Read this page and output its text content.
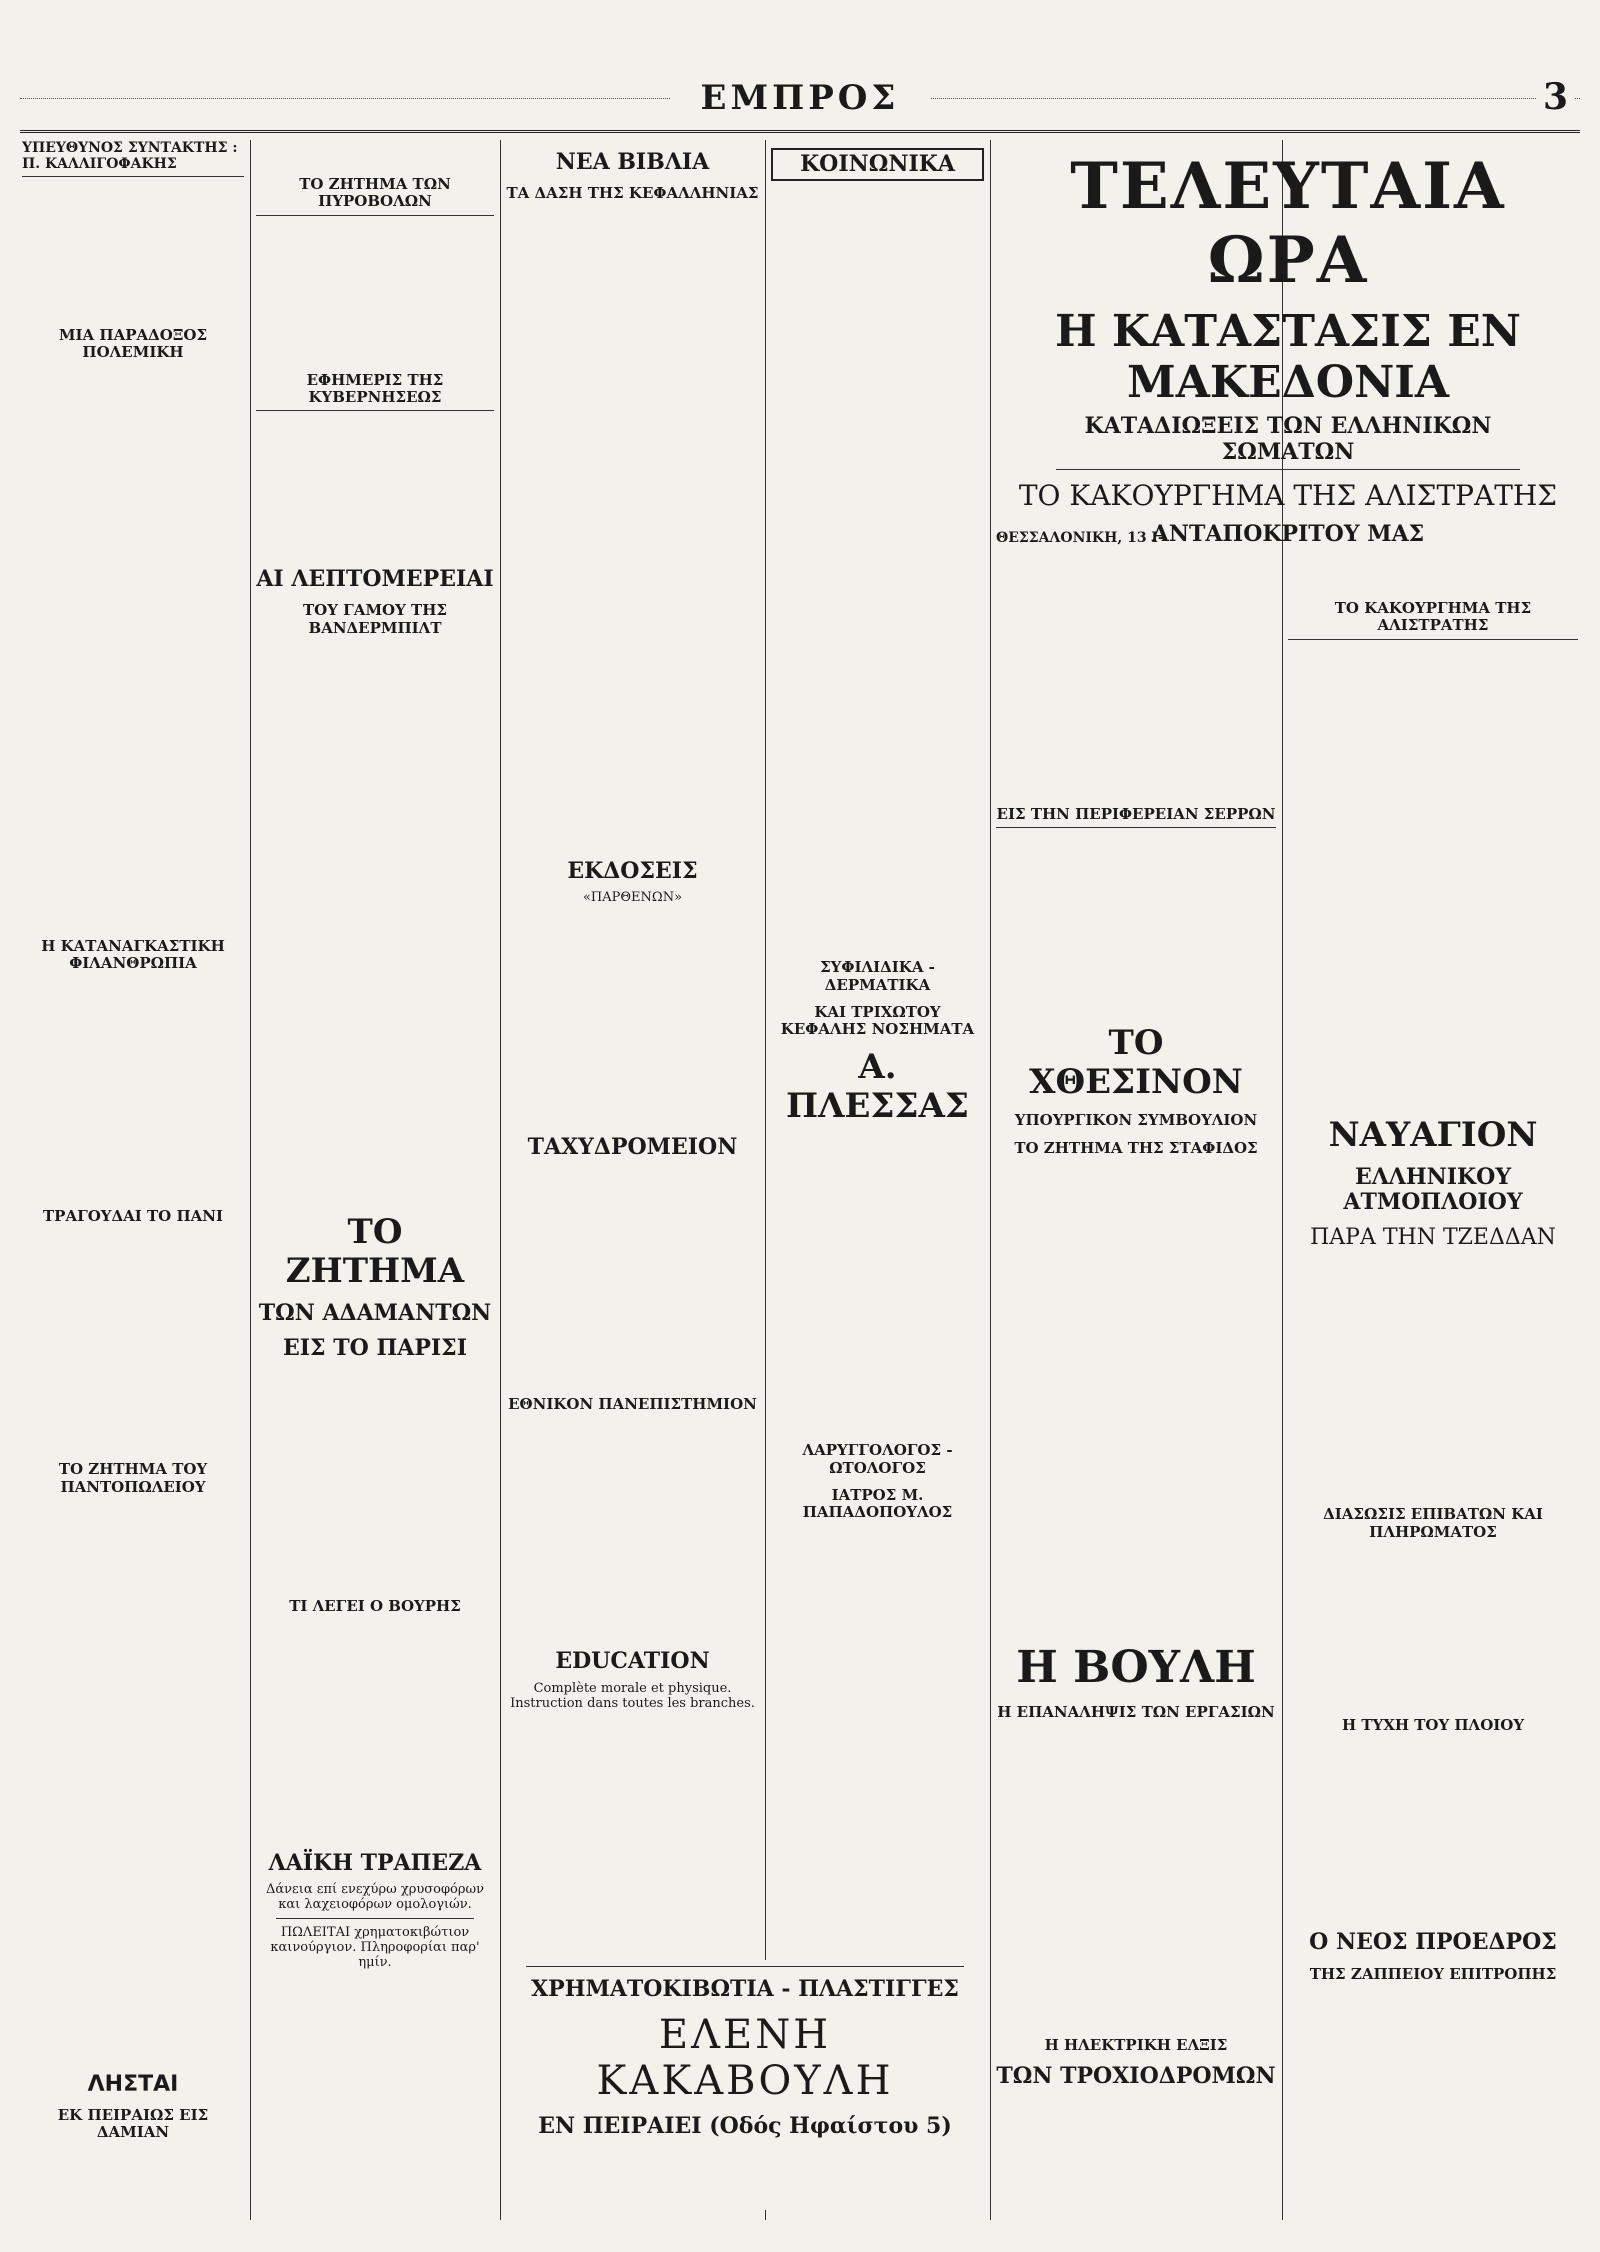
ΕΜΠΡΟΣ	3
ΥΠΕΥΘΥΝΟΣ ΣΥΝΤΑΚΤΗΣ : Π. ΚΑΛΛΙΓΟΦΑΚΗΣ
ΜΙΑ ΠΑΡΑΔΟΞΟΣ ΠΟΛΕΜΙΚΗ
Η ΚΑΤΑΝΑΓΚΑΣΤΙΚΗ ΦΙΛΑΝΘΡΩΠΙΑ
ΤΡΑΓΟΥΔΑΙ ΤΟ ΠΑΝΙ
ΤΟ ΖΗΤΗΜΑ ΤΟΥ ΠΑΝΤΟΠΩΛΕΙΟΥ
ΛΗΣΤΑΙ
ΕΚ ΠΕΙΡΑΙΩΣ ΕΙΣ ΔΑΜΙΑΝ
ΤΟ ΖΗΤΗΜΑ ΤΩΝ ΠΥΡΟΒΟΛΩΝ
ΕΦΗΜΕΡΙΣ ΤΗΣ ΚΥΒΕΡΝΗΣΕΩΣ
ΑΙ ΛΕΠΤΟΜΕΡΕΙΑΙ
ΤΟΥ ΓΑΜΟΥ ΤΗΣ ΒΑΝΔΕΡΜΠΙΛΤ
ΤΟ ΖΗΤΗΜΑ
ΤΩΝ ΑΔΑΜΑΝΤΩΝ
ΕΙΣ ΤΟ ΠΑΡΙΣΙ
ΤΙ ΛΕΓΕΙ Ο ΒΟΥΡΗΣ
ΛΑΪΚΗ ΤΡΑΠΕΖΑ
Δάνεια επί ενεχύρω χρυσοφόρων και λαχειοφόρων ομολογιών.
ΠΩΛΕΙΤΑΙ χρηματοκιβώτιον καινούργιον. Πληροφορίαι παρ' ημίν.
ΝΕΑ ΒΙΒΛΙΑ
ΤΑ ΔΑΣΗ ΤΗΣ ΚΕΦΑΛΛΗΝΙΑΣ
ΕΚΔΟΣΕΙΣ
«ΠΑΡΘΕΝΩΝ»
ΤΑΧΥΔΡΟΜΕΙΟΝ
ΕΘΝΙΚΟΝ ΠΑΝΕΠΙΣΤΗΜΙΟΝ
EDUCATION
Complète morale et physique. Instruction dans toutes les branches.
ΚΟΙΝΩΝΙΚΑ
ΣΥΦΙΛΙΔΙΚΑ - ΔΕΡΜΑΤΙΚΑ
ΚΑΙ ΤΡΙΧΩΤΟΥ ΚΕΦΑΛΗΣ ΝΟΣΗΜΑΤΑ
Α. ΠΛΕΣΣΑΣ
ΛΑΡΥΓΓΟΛΟΓΟΣ - ΩΤΟΛΟΓΟΣ
ΙΑΤΡΟΣ Μ. ΠΑΠΑΔΟΠΟΥΛΟΣ
ΧΡΗΜΑΤΟΚΙΒΩΤΙΑ - ΠΛΑΣΤΙΓΓΕΣ
ΕΛΕΝΗ ΚΑΚΑΒΟΥΛΗ
ΕΝ ΠΕΙΡΑΙΕΙ (Οδός Ηφαίστου 5)
ΤΕΛΕΥΤΑΙΑ ΩΡΑ
Η ΚΑΤΑΣΤΑΣΙΣ ΕΝ ΜΑΚΕΔΟΝΙΑ
ΚΑΤΑΔΙΩΞΕΙΣ ΤΩΝ ΕΛΛΗΝΙΚΩΝ ΣΩΜΑΤΩΝ
ΤΟ ΚΑΚΟΥΡΓΗΜΑ ΤΗΣ ΑΛΙΣΤΡΑΤΗΣ
ΑΝΤΑΠΟΚΡΙΤΟΥ ΜΑΣ
ΘΕΣΣΑΛΟΝΙΚΗ, 13 Ι-
ΕΙΣ ΤΗΝ ΠΕΡΙΦΕΡΕΙΑΝ ΣΕΡΡΩΝ
ΤΟ ΧΘΕΣΙΝΟΝ
ΥΠΟΥΡΓΙΚΟΝ ΣΥΜΒΟΥΛΙΟΝ
ΤΟ ΖΗΤΗΜΑ ΤΗΣ ΣΤΑΦΙΔΟΣ
Η ΒΟΥΛΗ
Η ΕΠΑΝΑΛΗΨΙΣ ΤΩΝ ΕΡΓΑΣΙΩΝ
Η ΗΛΕΚΤΡΙΚΗ ΕΛΞΙΣ
ΤΩΝ ΤΡΟΧΙΟΔΡΟΜΩΝ
ΤΟ ΚΑΚΟΥΡΓΗΜΑ ΤΗΣ ΑΛΙΣΤΡΑΤΗΣ
ΝΑΥΑΓΙΟΝ
ΕΛΛΗΝΙΚΟΥ ΑΤΜΟΠΛΟΙΟΥ
ΠΑΡΑ ΤΗΝ ΤΖΕΔΔΑΝ
ΔΙΑΣΩΣΙΣ ΕΠΙΒΑΤΩΝ ΚΑΙ ΠΛΗΡΩΜΑΤΟΣ
Η ΤΥΧΗ ΤΟΥ ΠΛΟΙΟΥ
Ο ΝΕΟΣ ΠΡΟΕΔΡΟΣ
ΤΗΣ ΖΑΠΠΕΙΟΥ ΕΠΙΤΡΟΠΗΣ
